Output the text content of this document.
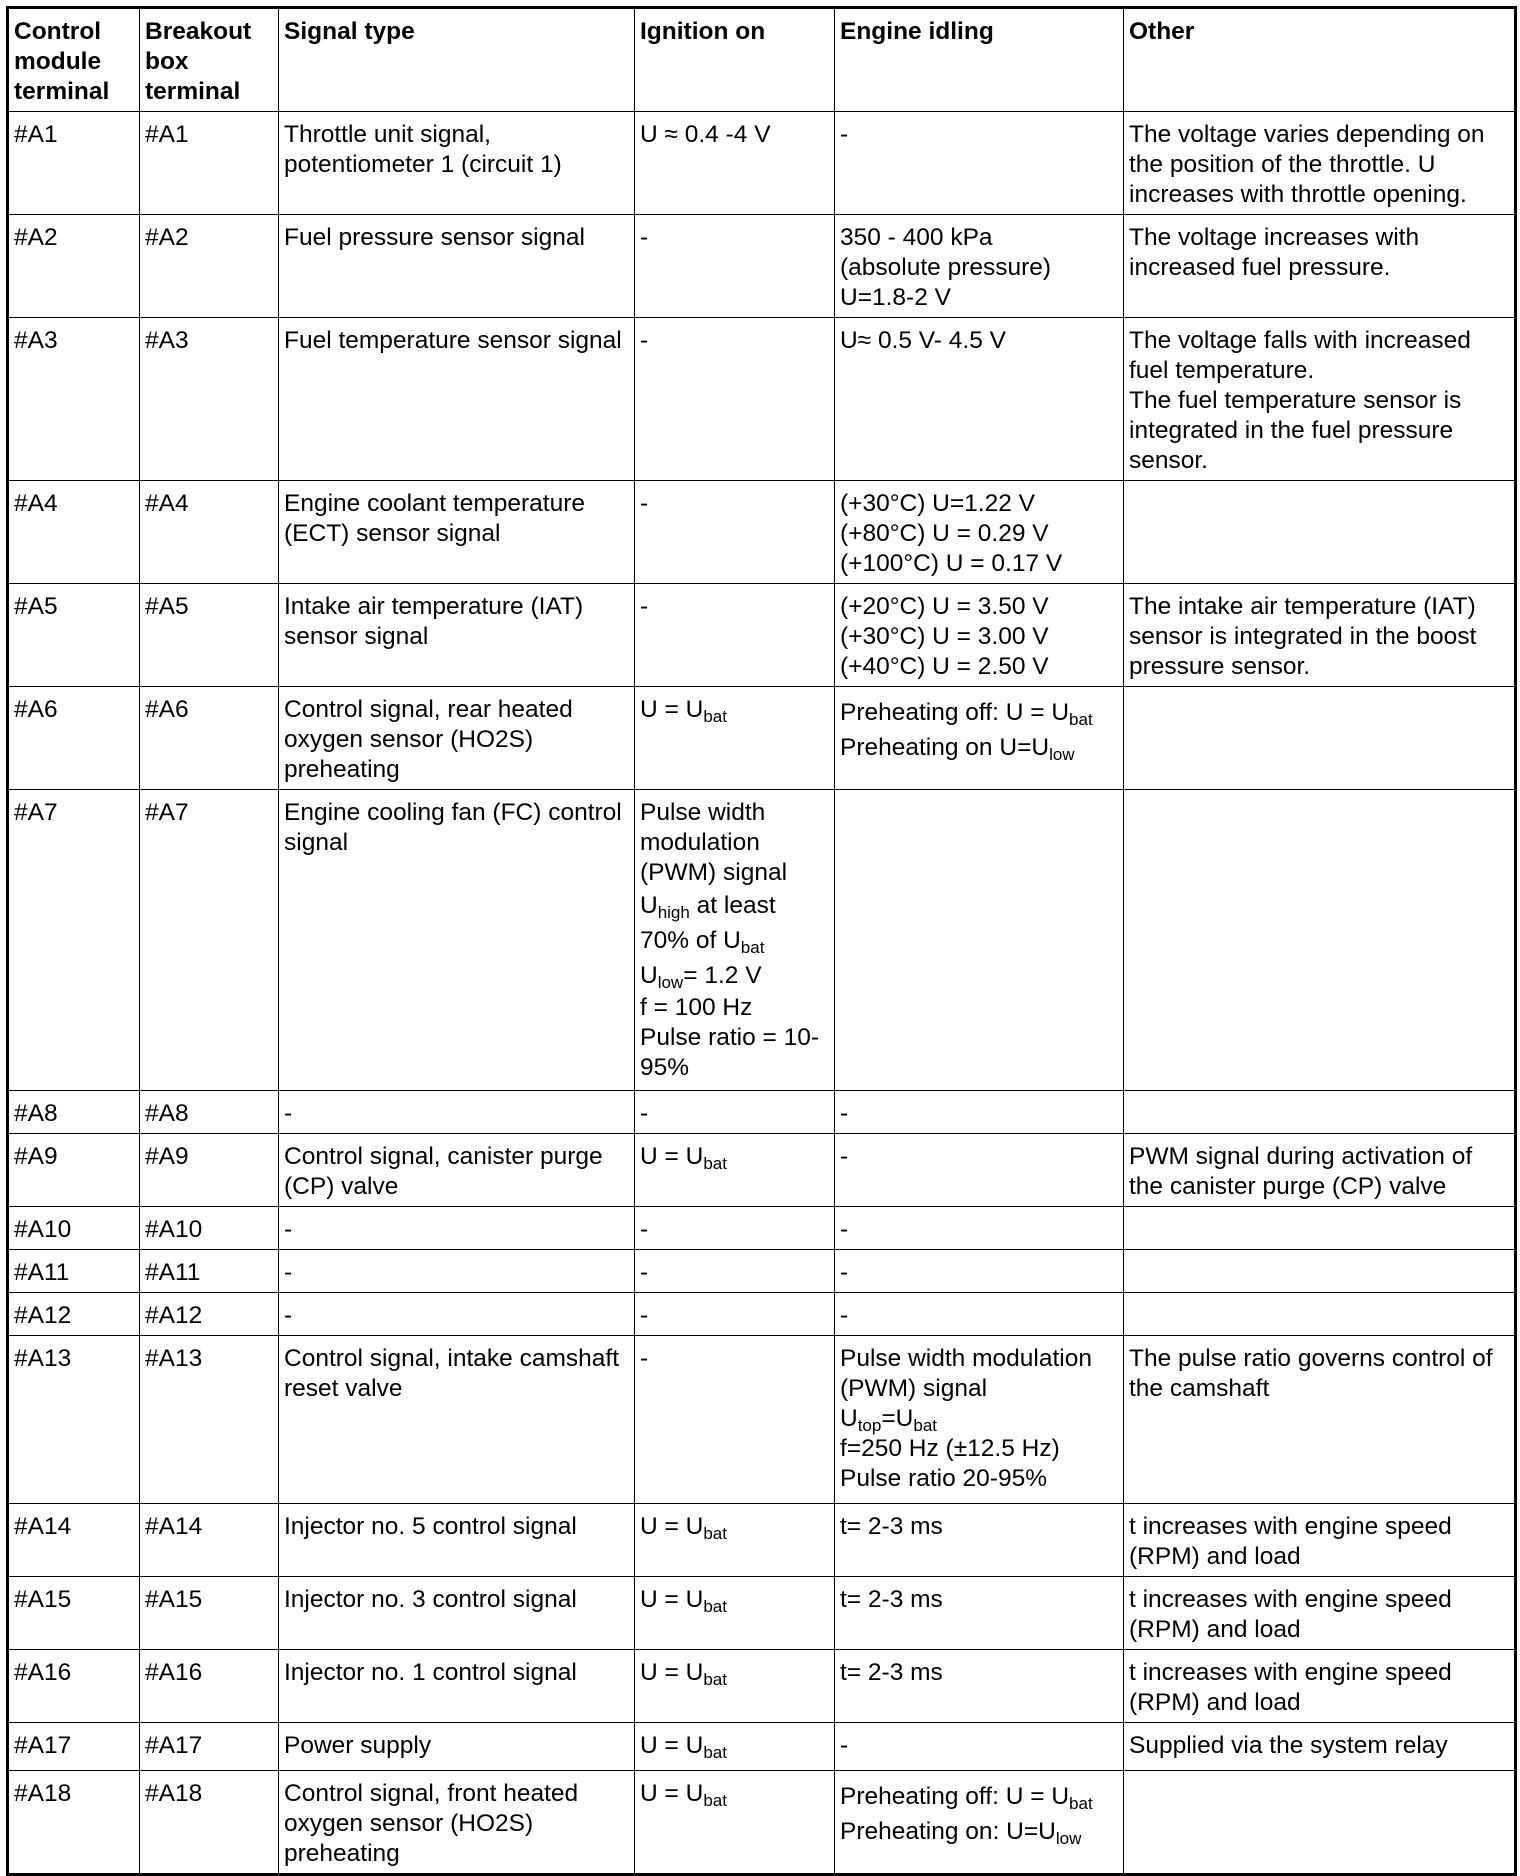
Control module terminal	Breakout box terminal	Signal type	Ignition on	Engine idling	Other
#A1	#A1	Throttle unit signal, potentiometer 1 (circuit 1)	U ≈ 0.4 -4 V	-	The voltage varies depending on the position of the throttle. U increases with throttle opening.
#A2	#A2	Fuel pressure sensor signal	-	350 - 400 kPa
(absolute pressure)
U=1.8-2 V	The voltage increases with increased fuel pressure.
#A3	#A3	Fuel temperature sensor signal	-	U≈ 0.5 V- 4.5 V	The voltage falls with increased fuel temperature.
The fuel temperature sensor is integrated in the fuel pressure sensor.
#A4	#A4	Engine coolant temperature (ECT) sensor signal	-	(+30°C) U=1.22 V
(+80°C) U = 0.29 V
(+100°C) U = 0.17 V	
#A5	#A5	Intake air temperature (IAT) sensor signal	-	(+20°C) U = 3.50 V
(+30°C) U = 3.00 V
(+40°C) U = 2.50 V	The intake air temperature (IAT) sensor is integrated in the boost pressure sensor.
#A6	#A6	Control signal, rear heated oxygen sensor (HO2S) preheating	$U = U_{bat}$	Preheating off: $U = U_{bat}$ Preheating on $U=U_{low}$	
#A7	#A7	Engine cooling fan (FC) control signal	Pulse width modulation (PWM) signal $U_{high}$ at least 70% of $U_{bat}$ $U_{low}= 1.2$ V
f = 100 Hz
Pulse ratio = 10-95%		
#A8	#A8	-	-	-	
#A9	#A9	Control signal, canister purge (CP) valve	$U = U_{bat}$	-	PWM signal during activation of the canister purge (CP) valve
#A10	#A10	-	-	-	
#A11	#A11	-	-	-	
#A12	#A12	-	-	-	
#A13	#A13	Control signal, intake camshaft reset valve	-	Pulse width modulation
(PWM) signal
$U_{top}=U_{bat}$
f=250 Hz (±12.5 Hz)
Pulse ratio 20-95%	The pulse ratio governs control of the camshaft
#A14	#A14	Injector no. 5 control signal	$U = U_{bat}$	t= 2-3 ms	t increases with engine speed (RPM) and load
#A15	#A15	Injector no. 3 control signal	$U = U_{bat}$	t= 2-3 ms	t increases with engine speed (RPM) and load
#A16	#A16	Injector no. 1 control signal	$U = U_{bat}$	t= 2-3 ms	t increases with engine speed (RPM) and load
#A17	#A17	Power supply	$U = U_{bat}$	-	Supplied via the system relay
#A18	#A18	Control signal, front heated oxygen sensor (HO2S) preheating	$U = U_{bat}$	Preheating off: $U = U_{bat}$ Preheating on: $U=U_{low}$	
